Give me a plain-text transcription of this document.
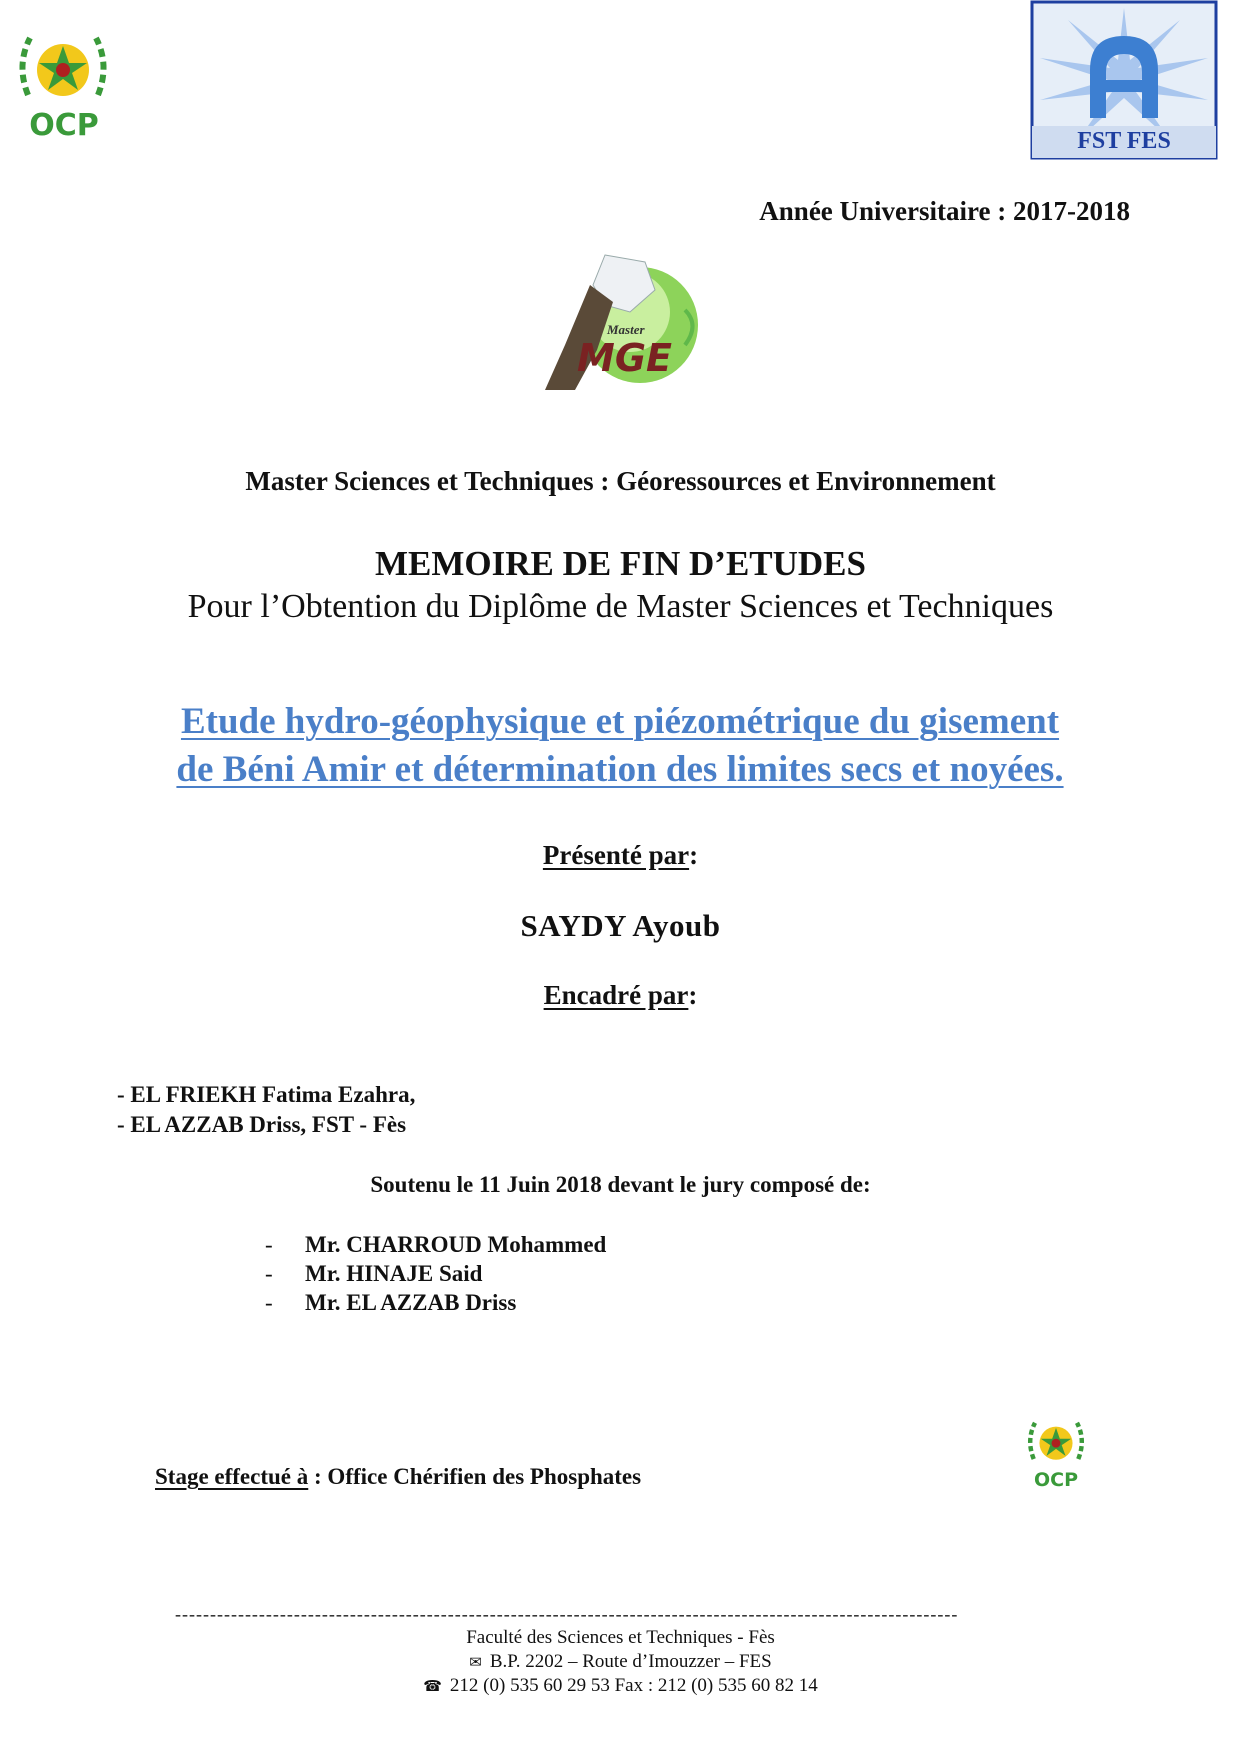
OCP	FST FES
Année Universitaire : 2017-2018
Master
MGE
Master Sciences et Techniques : Géoressources et Environnement
MEMOIRE DE FIN D’ETUDES
Pour l’Obtention du Diplôme de Master Sciences et Techniques
Etude hydro-géophysique et piézométrique du gisement
de Béni Amir et détermination des limites secs et noyées.
Présenté par:
SAYDY Ayoub
Encadré par:
- EL FRIEKH Fatima Ezahra,
- EL AZZAB Driss, FST - Fès
Soutenu le 11 Juin 2018 devant le jury composé de:
- Mr. CHARROUD Mohammed
- Mr. HINAJE Said
- Mr. EL AZZAB Driss
Stage effectué à : Office Chérifien des Phosphates	OCP
----------------------------------------------------------------------------------------------------------------
Faculté des Sciences et Techniques - Fès
✉ B.P. 2202 – Route d’Imouzzer – FES
☎ 212 (0) 535 60 29 53 Fax : 212 (0) 535 60 82 14
